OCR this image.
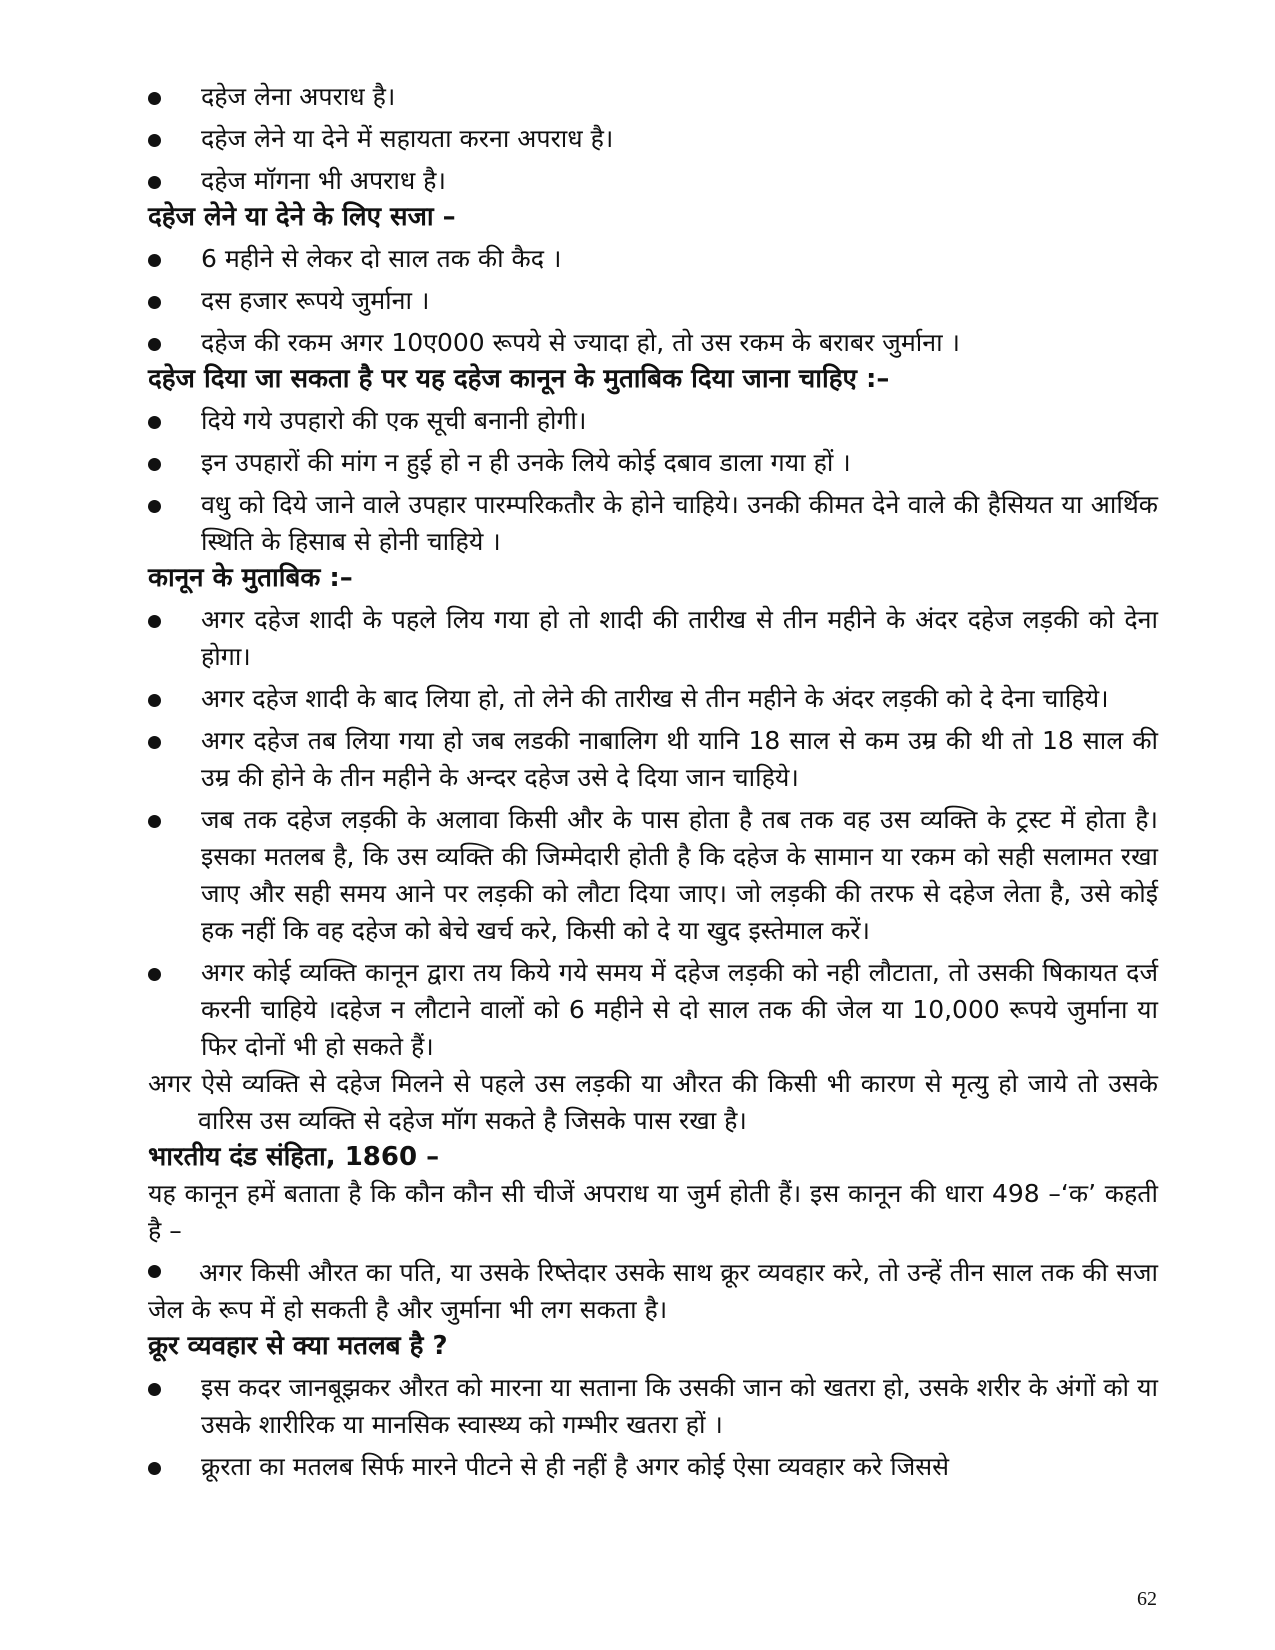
दहेज लेना अपराध है।
दहेज लेने या देने में सहायता करना अपराध है।
दहेज मॉगना भी अपराध है।
दहेज लेने या देने के लिए सजा –
6 महीने से लेकर दो साल तक की कैद ।
दस हजार रूपये जुर्माना ।
दहेज की रकम अगर 10ए000 रूपये से ज्यादा हो, तो उस रकम के बराबर जुर्माना ।
दहेज दिया जा सकता है पर यह दहेज कानून के मुताबिक दिया जाना चाहिए :–
दिये गये उपहारो की एक सूची बनानी होगी।
इन उपहारों की मांग न हुई हो न ही उनके लिये कोई दबाव डाला गया हों ।
वधु को दिये जाने वाले उपहार पारम्परिकतौर के होने चाहिये। उनकी कीमत देने वाले की हैसियत या आर्थिक स्थिति के हिसाब से होनी चाहिये ।
कानून के मुताबिक :–
अगर दहेज शादी के पहले लिय गया हो तो शादी की तारीख से तीन महीने के अंदर दहेज लड़की को देना होगा।
अगर दहेज शादी के बाद लिया हो, तो लेने की तारीख से तीन महीने के अंदर लड़की को दे देना चाहिये।
अगर दहेज तब लिया गया हो जब लडकी नाबालिग थी यानि 18 साल से कम उम्र की थी तो 18 साल की उम्र की होने के तीन महीने के अन्दर दहेज उसे दे दिया जान चाहिये।
जब तक दहेज लड़की के अलावा किसी और के पास होता है तब तक वह उस व्यक्ति के ट्रस्ट में होता है। इसका मतलब है, कि उस व्यक्ति की जिम्मेदारी होती है कि दहेज के सामान या रकम को सही सलामत रखा जाए और सही समय आने पर लड़की को लौटा दिया जाए। जो लड़की की तरफ से दहेज लेता है, उसे कोई हक नहीं कि वह दहेज को बेचे खर्च करे, किसी को दे या खुद इस्तेमाल करें।
अगर कोई व्यक्ति कानून द्वारा तय किये गये समय में दहेज लड़की को नही लौटाता, तो उसकी षिकायत दर्ज करनी चाहिये ।दहेज न लौटाने वालों को 6 महीने से दो साल तक की जेल या 10,000 रूपये जुर्माना या फिर दोनों भी हो सकते हैं।
अगर ऐसे व्यक्ति से दहेज मिलने से पहले उस लड़की या औरत की किसी भी कारण से मृत्यु हो जाये तो उसके वारिस उस व्यक्ति से दहेज मॉग सकते है जिसके पास रखा है।
भारतीय दंड संहिता, 1860 –
यह कानून हमें बताता है कि कौन कौन सी चीजें अपराध या जुर्म होती हैं। इस कानून की धारा 498 –‘क’ कहती है –
अगर किसी औरत का पति, या उसके रिष्तेदार उसके साथ क्रूर व्यवहार करे, तो उन्हें तीन साल तक की सजा जेल के रूप में हो सकती है और जुर्माना भी लग सकता है।
क्रूर व्यवहार से क्या मतलब है ?
इस कदर जानबूझकर औरत को मारना या सताना कि उसकी जान को खतरा हो, उसके शरीर के अंगों को या उसके शारीरिक या मानसिक स्वास्थ्य को गम्भीर खतरा हों ।
क्रूरता का मतलब सिर्फ मारने पीटने से ही नहीं है अगर कोई ऐसा व्यवहार करे जिससे
62
